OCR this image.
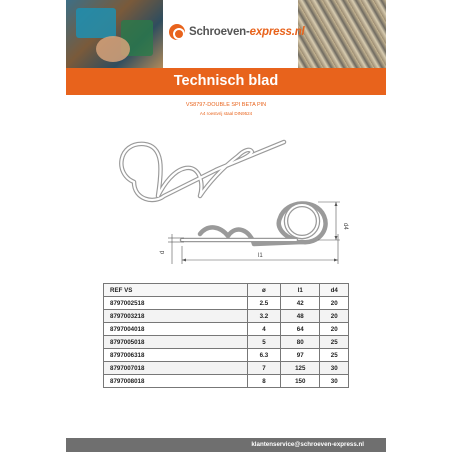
Schroeven-express.nl
Technisch blad
VS8797-DOUBLE SPI BETA PIN
A4 roestvrij staal DIN9524
d4
l1
d
REF VS	ø	l1	d4
8797002518	2.5	42	20
8797003218	3.2	48	20
8797004018	4	64	20
8797005018	5	80	25
8797006318	6.3	97	25
8797007018	7	125	30
8797008018	8	150	30
klantenservice@schroeven-express.nl
